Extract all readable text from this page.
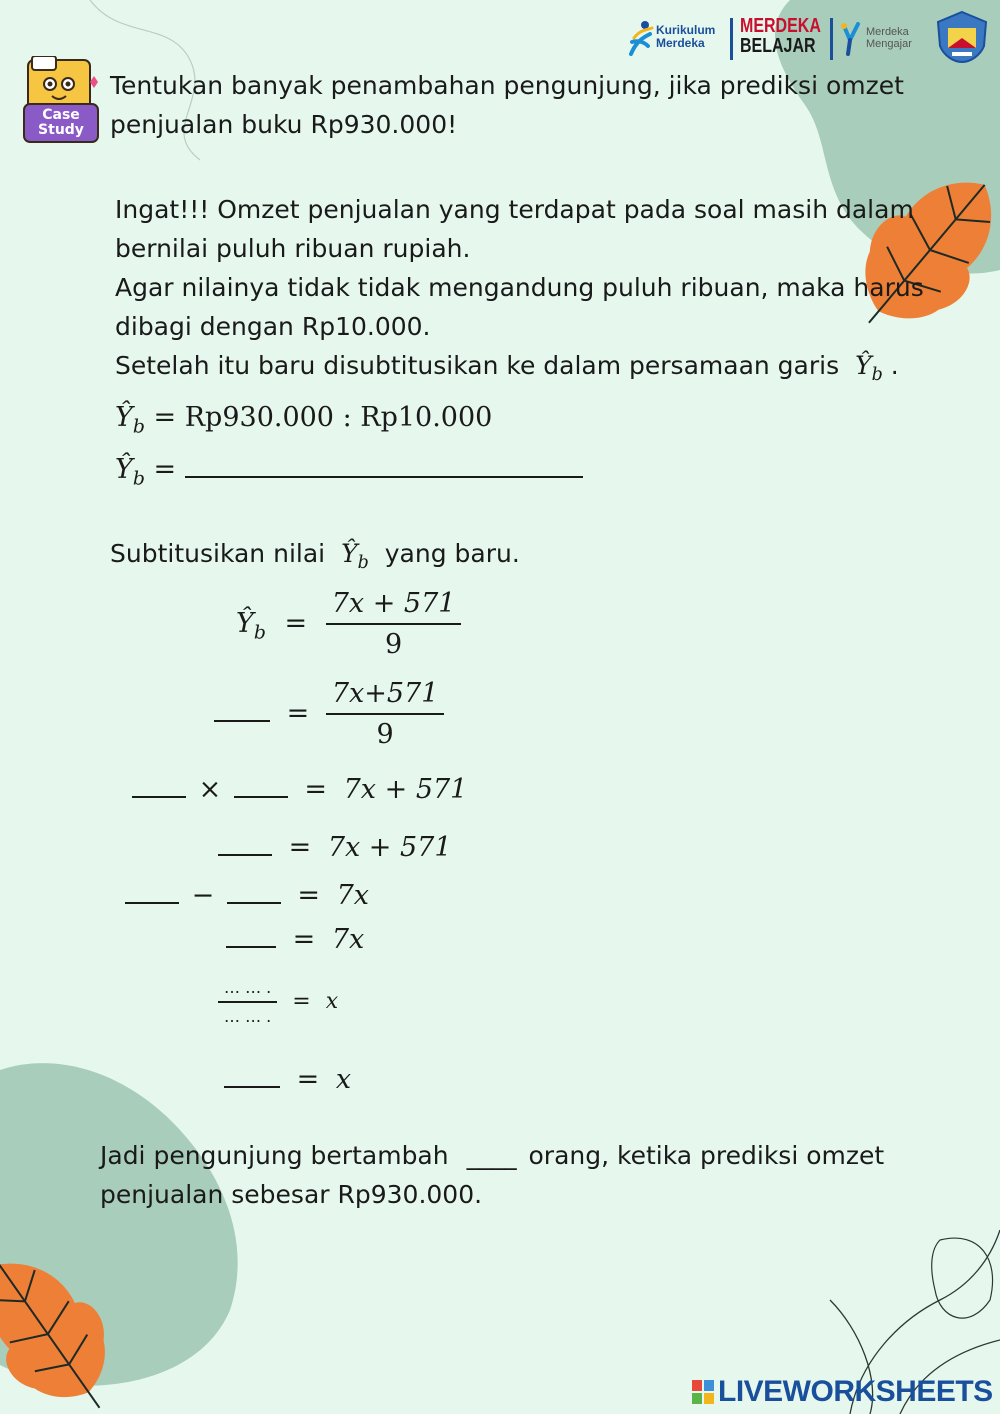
Kurikulum
Merdeka
MERDEKA
BELAJAR
Merdeka
Mengajar
Case
Study
Tentukan banyak penambahan pengunjung, jika prediksi omzet penjualan buku Rp930.000!
Ingat!!! Omzet penjualan yang terdapat pada soal masih dalam
bernilai puluh ribuan rupiah.
Agar nilainya tidak tidak mengandung puluh ribuan, maka harus
dibagi dengan Rp10.000.
Setelah itu baru disubtitusikan ke dalam persamaan garis $Ŷ_b$ .
$Ŷ_b = Rp930.000$ : Rp10.000
$Ŷ_b$ =
Subtitusikan nilai $Ŷ_b$ yang baru.
$Ŷ_b = \frac{7x + 571}{9}$
= $\frac{7x+571}{9}$
×	= 7x + 571
= 7x + 571
−	= 7x
= 7x
$\frac{\dots \dots .}{\dots \dots .} = x$
= x
Jadi pengunjung bertambah ____ orang, ketika prediksi omzet
penjualan sebesar Rp930.000.
LIVEWORKSHEETS
